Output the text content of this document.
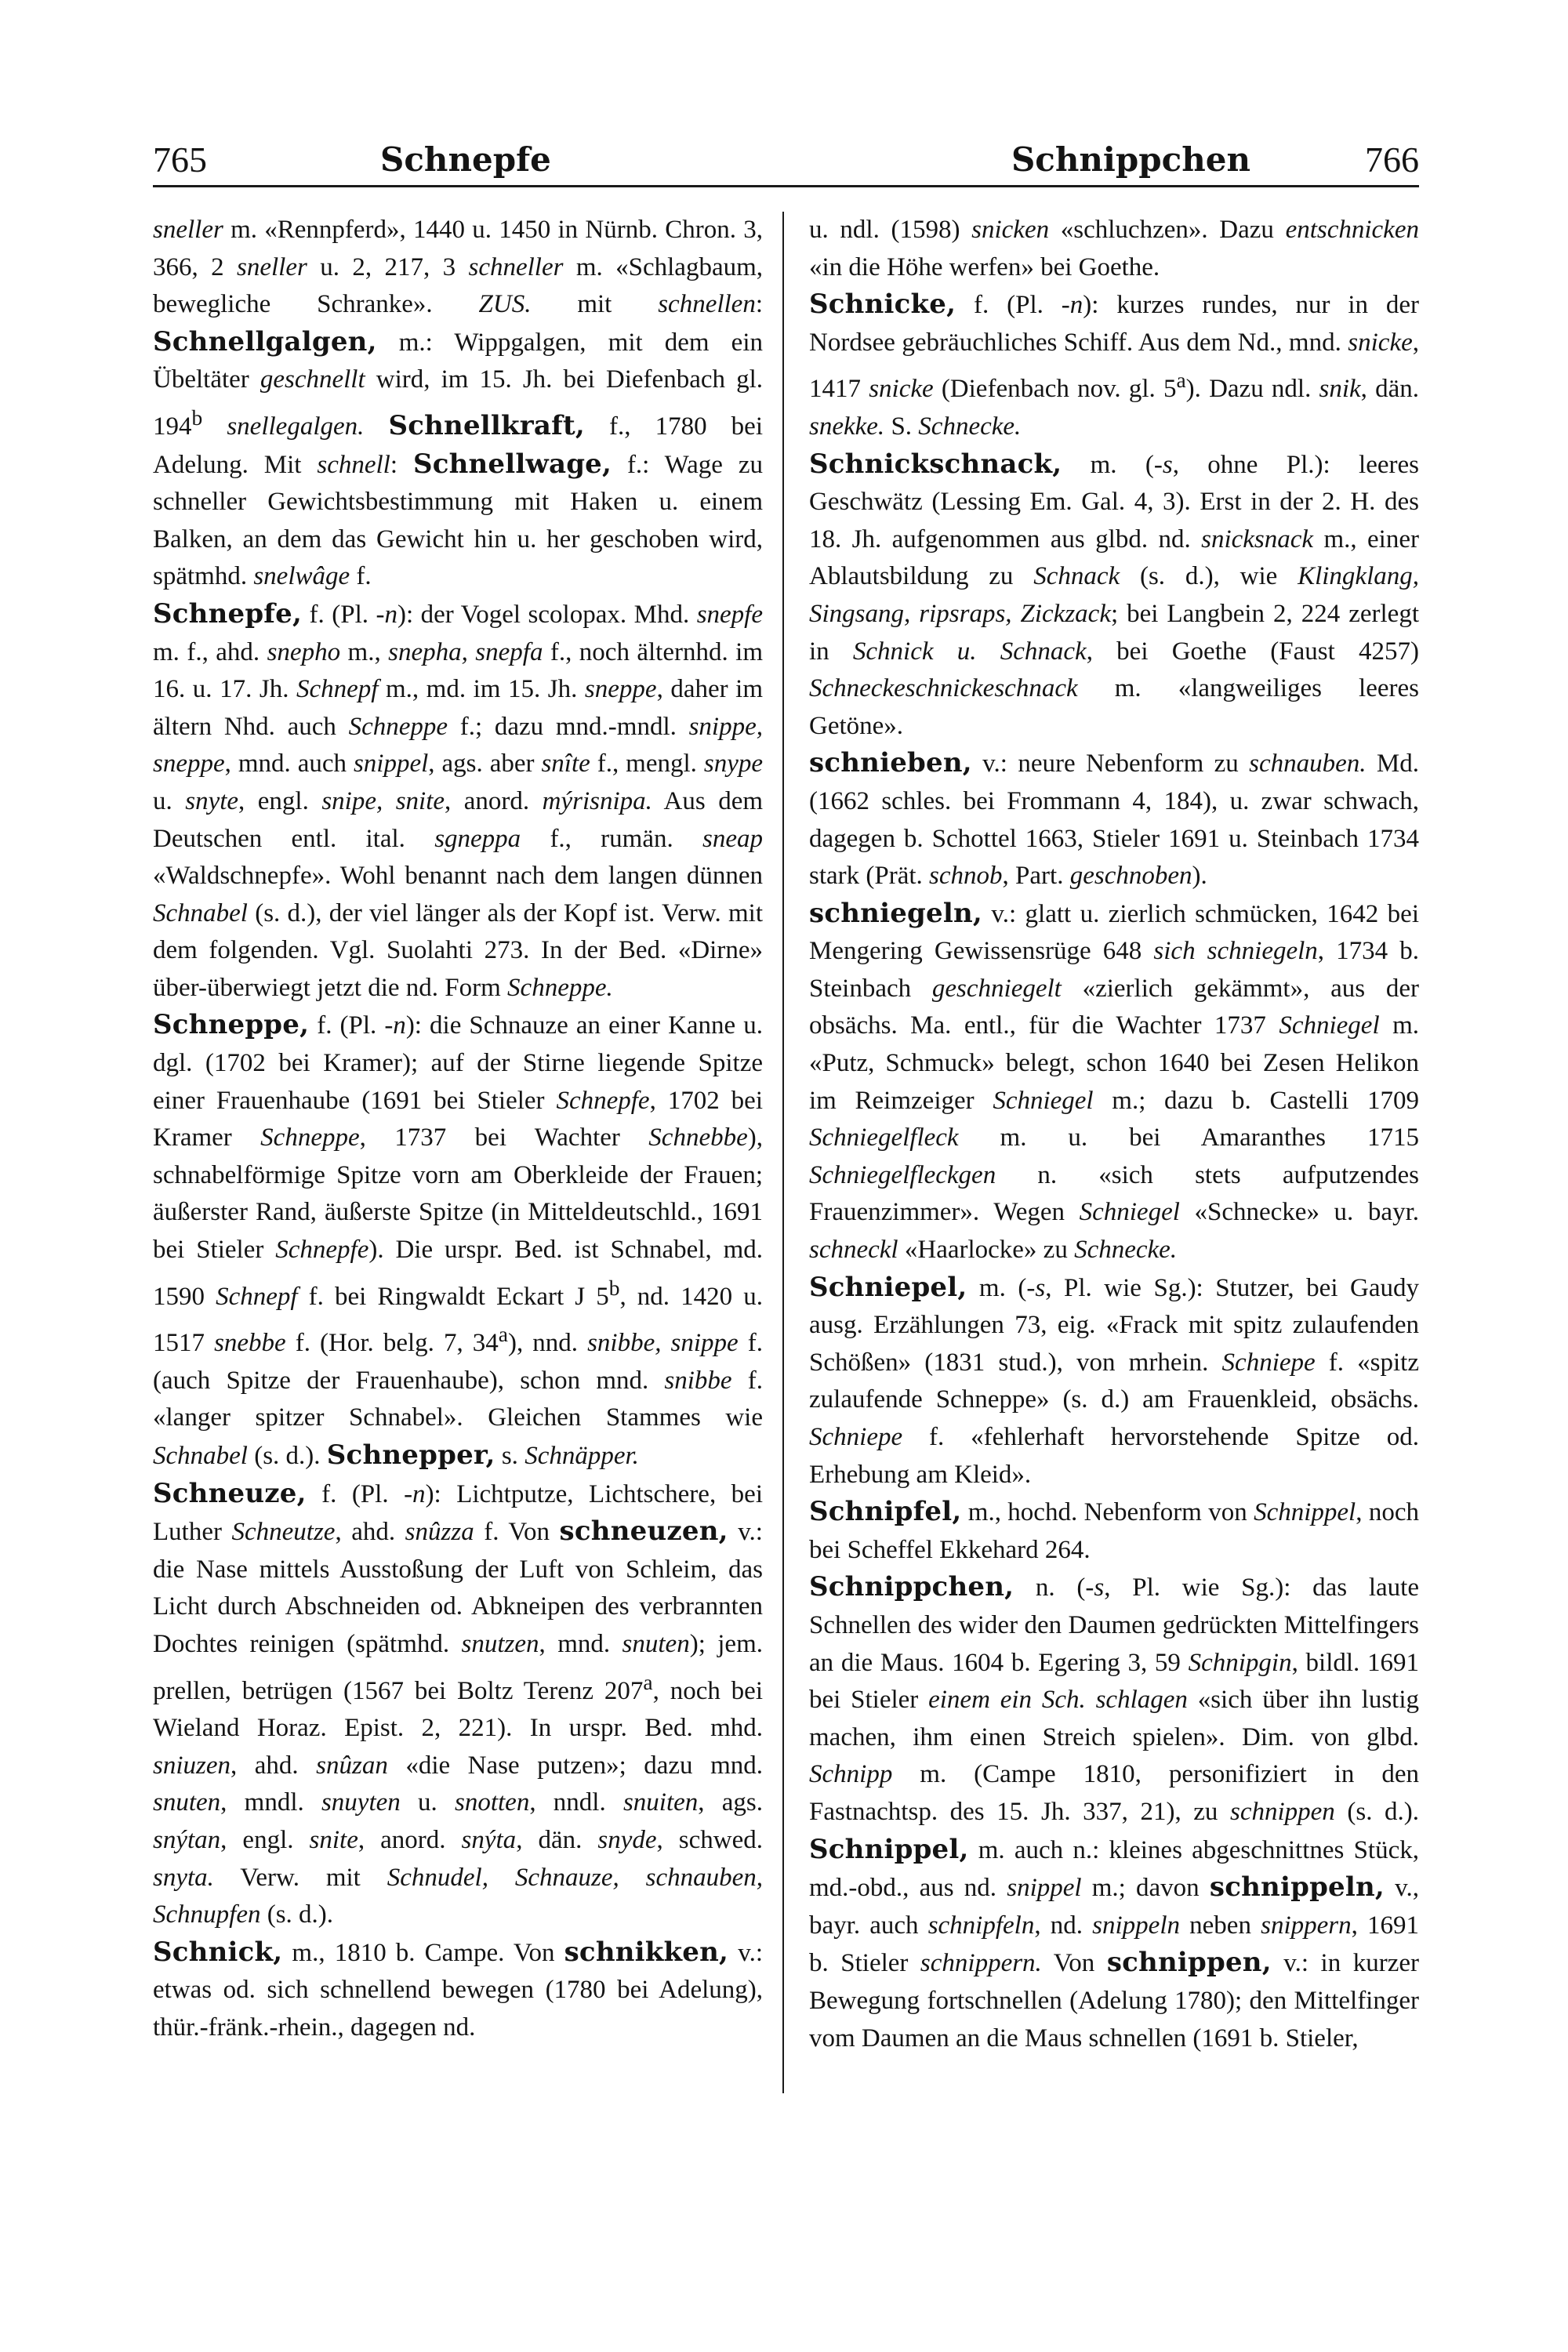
765	Schnepfe	Schnippchen	766

sneller m. «Rennpferd», 1440 u. 1450 in Nürnb. Chron. 3, 366, 2 sneller u. 2, 217, 3 schneller m. «Schlagbaum, bewegliche Schranke». ZUS. mit schnellen: Schnellgalgen, m.: Wippgalgen, mit dem ein Übeltäter geschnellt wird, im 15. Jh. bei Diefenbach gl. 194$^b$ snellegalgen. Schnellkraft, f., 1780 bei Adelung. Mit schnell: Schnellwage, f.: Wage zu schneller Gewichtsbestimmung mit Haken u. einem Balken, an dem das Gewicht hin u. her geschoben wird, spätmhd. snelwâge f.

Schnepfe, f. (Pl. -n): der Vogel scolopax. Mhd. snepfe m. f., ahd. snepho m., snepha, snepfa f., noch älternhd. im 16. u. 17. Jh. Schnepf m., md. im 15. Jh. sneppe, daher im ältern Nhd. auch Schneppe f.; dazu mnd.-mndl. snippe, sneppe, mnd. auch snippel, ags. aber snîte f., mengl. snype u. snyte, engl. snipe, snite, anord. mýrisnipa. Aus dem Deutschen entl. ital. sgneppa f., rumän. sneap «Waldschnepfe». Wohl benannt nach dem langen dünnen Schnabel (s. d.), der viel länger als der Kopf ist. Verw. mit dem folgenden. Vgl. Suolahti 273. In der Bed. «Dirne» über-überwiegt jetzt die nd. Form Schneppe.

Schneppe, f. (Pl. -n): die Schnauze an einer Kanne u. dgl. (1702 bei Kramer); auf der Stirne liegende Spitze einer Frauenhaube (1691 bei Stieler Schnepfe, 1702 bei Kramer Schneppe, 1737 bei Wachter Schnebbe), schnabelförmige Spitze vorn am Oberkleide der Frauen; äußerster Rand, äußerste Spitze (in Mitteldeutschld., 1691 bei Stieler Schnepfe). Die urspr. Bed. ist Schnabel, md. 1590 Schnepf f. bei Ringwaldt Eckart J 5$^b$, nd. 1420 u. 1517 snebbe f. (Hor. belg. 7, 34$^a$), nnd. snibbe, snippe f. (auch Spitze der Frauenhaube), schon mnd. snibbe f. «langer spitzer Schnabel». Gleichen Stammes wie Schnabel (s. d.). Schnepper, s. Schnäpper.

Schneuze, f. (Pl. -n): Lichtputze, Lichtschere, bei Luther Schneutze, ahd. snûzza f. Von schneuzen, v.: die Nase mittels Ausstoßung der Luft von Schleim, das Licht durch Abschneiden od. Abkneipen des verbrannten Dochtes reinigen (spätmhd. snutzen, mnd. snuten); jem. prellen, betrügen (1567 bei Boltz Terenz 207$^a$, noch bei Wieland Horaz. Epist. 2, 221). In urspr. Bed. mhd. sniuzen, ahd. snûzan «die Nase putzen»; dazu mnd. snuten, mndl. snuyten u. snotten, nndl. snuiten, ags. snýtan, engl. snite, anord. snýta, dän. snyde, schwed. snyta. Verw. mit Schnudel, Schnauze, schnauben, Schnupfen (s. d.).

Schnick, m., 1810 b. Campe. Von schnikken, v.: etwas od. sich schnellend bewegen (1780 bei Adelung), thür.-fränk.-rhein., dagegen nd.

u. ndl. (1598) snicken «schluchzen». Dazu entschnicken «in die Höhe werfen» bei Goethe.

Schnicke, f. (Pl. -n): kurzes rundes, nur in der Nordsee gebräuchliches Schiff. Aus dem Nd., mnd. snicke, 1417 snicke (Diefenbach nov. gl. 5$^a$). Dazu ndl. snik, dän. snekke. S. Schnecke.

Schnickschnack, m. (-s, ohne Pl.): leeres Geschwätz (Lessing Em. Gal. 4, 3). Erst in der 2. H. des 18. Jh. aufgenommen aus glbd. nd. snicksnack m., einer Ablautsbildung zu Schnack (s. d.), wie Klingklang, Singsang, ripsraps, Zickzack; bei Langbein 2, 224 zerlegt in Schnick u. Schnack, bei Goethe (Faust 4257) Schneckeschnickeschnack m. «langweiliges leeres Getöne».

schnieben, v.: neure Nebenform zu schnauben. Md. (1662 schles. bei Frommann 4, 184), u. zwar schwach, dagegen b. Schottel 1663, Stieler 1691 u. Steinbach 1734 stark (Prät. schnob, Part. geschnoben).

schniegeln, v.: glatt u. zierlich schmücken, 1642 bei Mengering Gewissensrüge 648 sich schniegeln, 1734 b. Steinbach geschniegelt «zierlich gekämmt», aus der obsächs. Ma. entl., für die Wachter 1737 Schniegel m. «Putz, Schmuck» belegt, schon 1640 bei Zesen Helikon im Reimzeiger Schniegel m.; dazu b. Castelli 1709 Schniegelfleck m. u. bei Amaranthes 1715 Schniegelfleckgen n. «sich stets aufputzendes Frauenzimmer». Wegen Schniegel «Schnecke» u. bayr. schneckl «Haarlocke» zu Schnecke.

Schniepel, m. (-s, Pl. wie Sg.): Stutzer, bei Gaudy ausg. Erzählungen 73, eig. «Frack mit spitz zulaufenden Schößen» (1831 stud.), von mrhein. Schniepe f. «spitz zulaufende Schneppe» (s. d.) am Frauenkleid, obsächs. Schniepe f. «fehlerhaft hervorstehende Spitze od. Erhebung am Kleid».

Schnipfel, m., hochd. Nebenform von Schnippel, noch bei Scheffel Ekkehard 264.

Schnippchen, n. (-s, Pl. wie Sg.): das laute Schnellen des wider den Daumen gedrückten Mittelfingers an die Maus. 1604 b. Egering 3, 59 Schnipgin, bildl. 1691 bei Stieler einem ein Sch. schlagen «sich über ihn lustig machen, ihm einen Streich spielen». Dim. von glbd. Schnipp m. (Campe 1810, personifiziert in den Fastnachtsp. des 15. Jh. 337, 21), zu schnippen (s. d.). Schnippel, m. auch n.: kleines abgeschnittnes Stück, md.-obd., aus nd. snippel m.; davon schnippeln, v., bayr. auch schnipfeln, nd. snippeln neben snippern, 1691 b. Stieler schnippern. Von schnippen, v.: in kurzer Bewegung fortschnellen (Adelung 1780); den Mittelfinger vom Daumen an die Maus schnellen (1691 b. Stieler,
